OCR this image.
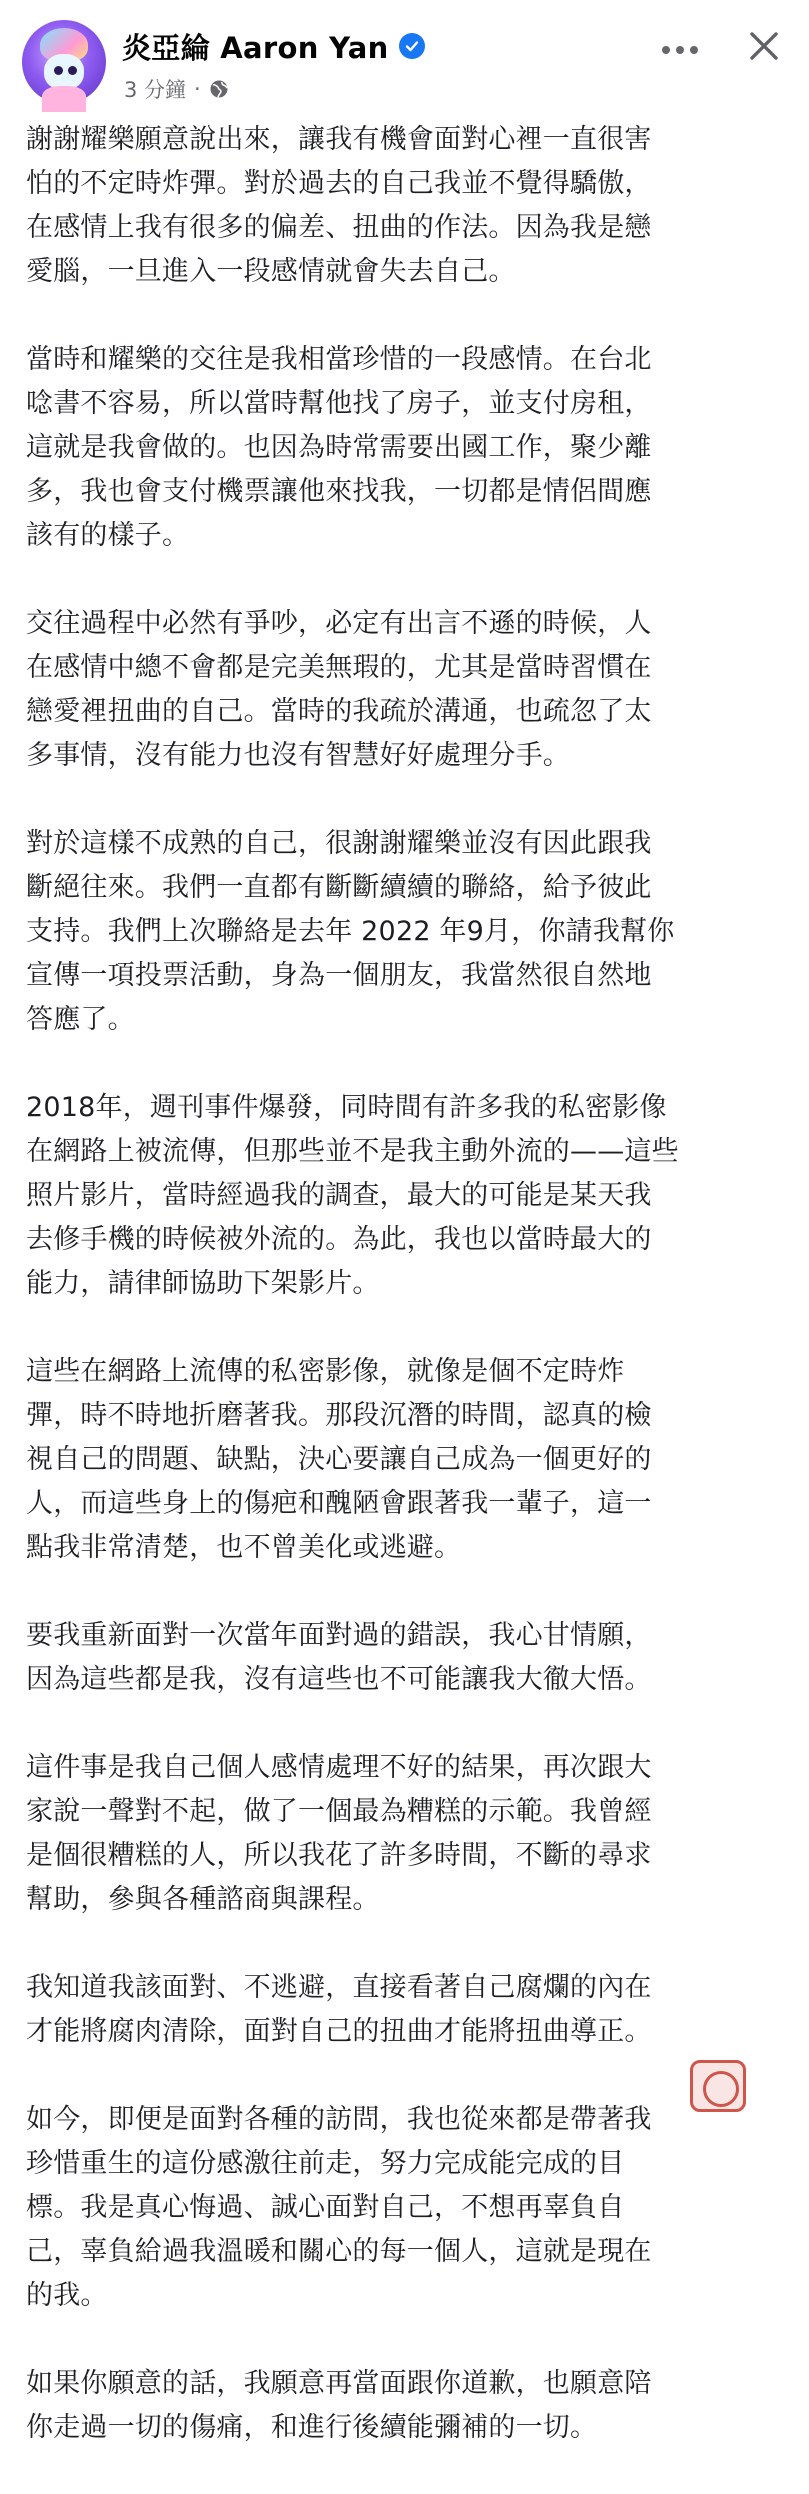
炎亞綸 Aaron Yan
3 分鐘 ·

謝謝耀樂願意說出來，讓我有機會面對心裡一直很害
怕的不定時炸彈。對於過去的自己我並不覺得驕傲，
在感情上我有很多的偏差、扭曲的作法。因為我是戀
愛腦，一旦進入一段感情就會失去自己。

當時和耀樂的交往是我相當珍惜的一段感情。在台北
唸書不容易，所以當時幫他找了房子，並支付房租，
這就是我會做的。也因為時常需要出國工作，聚少離
多，我也會支付機票讓他來找我，一切都是情侶間應
該有的樣子。

交往過程中必然有爭吵，必定有出言不遜的時候，人
在感情中總不會都是完美無瑕的，尤其是當時習慣在
戀愛裡扭曲的自己。當時的我疏於溝通，也疏忽了太
多事情，沒有能力也沒有智慧好好處理分手。

對於這樣不成熟的自己，很謝謝耀樂並沒有因此跟我
斷絕往來。我們一直都有斷斷續續的聯絡，給予彼此
支持。我們上次聯絡是去年 2022 年9月，你請我幫你
宣傳一項投票活動，身為一個朋友，我當然很自然地
答應了。

2018年，週刊事件爆發，同時間有許多我的私密影像
在網路上被流傳，但那些並不是我主動外流的——這些
照片影片，當時經過我的調查，最大的可能是某天我
去修手機的時候被外流的。為此，我也以當時最大的
能力，請律師協助下架影片。

這些在網路上流傳的私密影像，就像是個不定時炸
彈，時不時地折磨著我。那段沉潛的時間，認真的檢
視自己的問題、缺點，決心要讓自己成為一個更好的
人，而這些身上的傷疤和醜陋會跟著我一輩子，這一
點我非常清楚，也不曾美化或逃避。

要我重新面對一次當年面對過的錯誤，我心甘情願，
因為這些都是我，沒有這些也不可能讓我大徹大悟。

這件事是我自己個人感情處理不好的結果，再次跟大
家說一聲對不起，做了一個最為糟糕的示範。我曾經
是個很糟糕的人，所以我花了許多時間，不斷的尋求
幫助，參與各種諮商與課程。

我知道我該面對、不逃避，直接看著自己腐爛的內在
才能將腐肉清除，面對自己的扭曲才能將扭曲導正。

如今，即便是面對各種的訪問，我也從來都是帶著我
珍惜重生的這份感激往前走，努力完成能完成的目
標。我是真心悔過、誠心面對自己，不想再辜負自
己，辜負給過我溫暖和關心的每一個人，這就是現在
的我。

如果你願意的話，我願意再當面跟你道歉，也願意陪
你走過一切的傷痛，和進行後續能彌補的一切。
